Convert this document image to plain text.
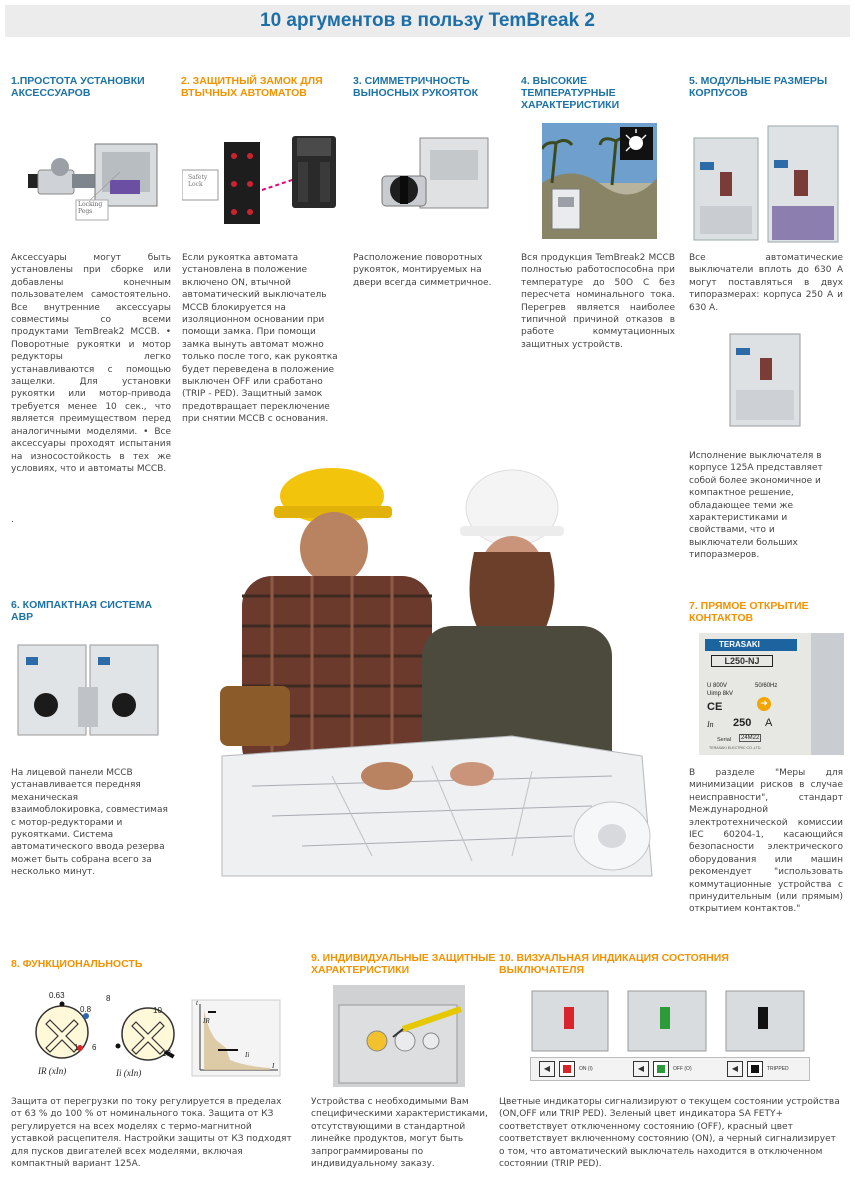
10 аргументов в пользу TemBreak 2
1.ПРОСТОТА УСТАНОВКИ АКСЕССУАРОВ
Locking Pegs

Аксессуары могут быть установлены при сборке или добавлены конечным пользователем самостоятельно. Все внутренние аксессуары совместимы со всеми продуктами TemBreak2 MCCB. • Поворотные рукоятки и мотор редукторы легко устанавливаются с помощью защелки. Для установки рукоятки или мотор-привода требуется менее 10 сек., что является преимуществом перед аналогичными моделями. • Все аксессуары проходят испытания на износостойкость в тех же условиях, что и автоматы МССВ.

.
2. ЗАЩИТНЫЙ ЗАМОК ДЛЯ ВТЫЧНЫХ АВТОМАТОВ
Safety Lock

Если рукоятка автомата установлена в положение включено ON, втычной автоматический выключатель МССВ блокируется на изоляционном основании при помощи замка. При помощи замка вынуть автомат можно только после того, как рукоятка будет переведена в положение выключен OFF или сработано (TRIP - PED). Защитный замок предотвращает переключение при снятии МССВ с основания.

3. СИММЕТРИЧНОСТЬ ВЫНОСНЫХ РУКОЯТОК

Расположение поворотных рукояток, монтируемых на двери всегда симметричное.

4. ВЫСОКИЕ ТЕМПЕРАТУРНЫЕ ХАРАКТЕРИСТИКИ

Вся продукция TemBreak2 МССВ полностью работоспособна при температуре до 50О С без пересчета номинального тока. Перегрев является наиболее типичной причиной отказов в работе коммутационных защитных устройств.

5. МОДУЛЬНЫЕ РАЗМЕРЫ КОРПУСОВ

Все автоматические выключатели вплоть до 630 А могут поставляться в двух типоразмерах: корпуса 250 А и 630 А.

Исполнение выключателя в корпусе 125А представляет собой более экономичное и компактное решение, обладающее теми же характеристиками и свойствами, что и выключатели больших типоразмеров.

6. КОМПАКТНАЯ СИСТЕМА АВР

На лицевой панели МССВ устанавливается передняя механическая взаимоблокировка, совместимая с мотор-редукторами и рукоятками. Система автоматического ввода резерва может быть собрана всего за несколько минут.

7. ПРЯМОЕ ОТКРЫТИЕ КОНТАКТОВ
TERASAKI
L250-NJ
U 800V
Uimp 8kV
50/60Hz
CE	➜
In 250 A
Serial	24M22
TERASAKI ELECTRIC CO.,LTD.

В разделе "Меры для минимизации рисков в случае неисправности", стандарт Международной электротехнической комиссии IEC 60204-1, касающийся безопасности электрического оборудования или машин рекомендует "использовать коммутационные устройства с принудительным (или прямым) открытием контактов."

8. ФУНКЦИОНАЛЬНОСТЬ
0.63
0.8
1
IR (xIn)
8
10
6
13
Ii (xIn)
t
IR
Ii
I

Защита от перегрузки по току регулируется в пределах от 63 % до 100 % от номинального тока. Защита от КЗ регулируется на всех моделях с термо-магнитной уставкой расцепителя. Настройки защиты от КЗ подходят для пусков двигателей всех моделями, включая компактный вариант 125А.

9. ИНДИВИДУАЛЬНЫЕ ЗАЩИТНЫЕ ХАРАКТЕРИСТИКИ

Устройства с необходимыми Вам специфическими характеристиками, отсутствующими в стандартной линейке продуктов, могут быть запрограммированы по индивидуальному заказу.

10. ВИЗУАЛЬНАЯ ИНДИКАЦИЯ СОСТОЯНИЯ ВЫКЛЮЧАТЕЛЯ
◀	ON (I)	◀	OFF (O)	◀	TRIPPED

Цветные индикаторы сигнализируют о текущем состоянии устройства (ON,OFF или TRIP PED). Зеленый цвет индикатора SA FETY+ соответствует отключенному состоянию (OFF), красный цвет соответствует включенному состоянию (ON), а черный сигнализирует о том, что автоматический выключатель находится в отключенном состоянии (TRIP PED).
